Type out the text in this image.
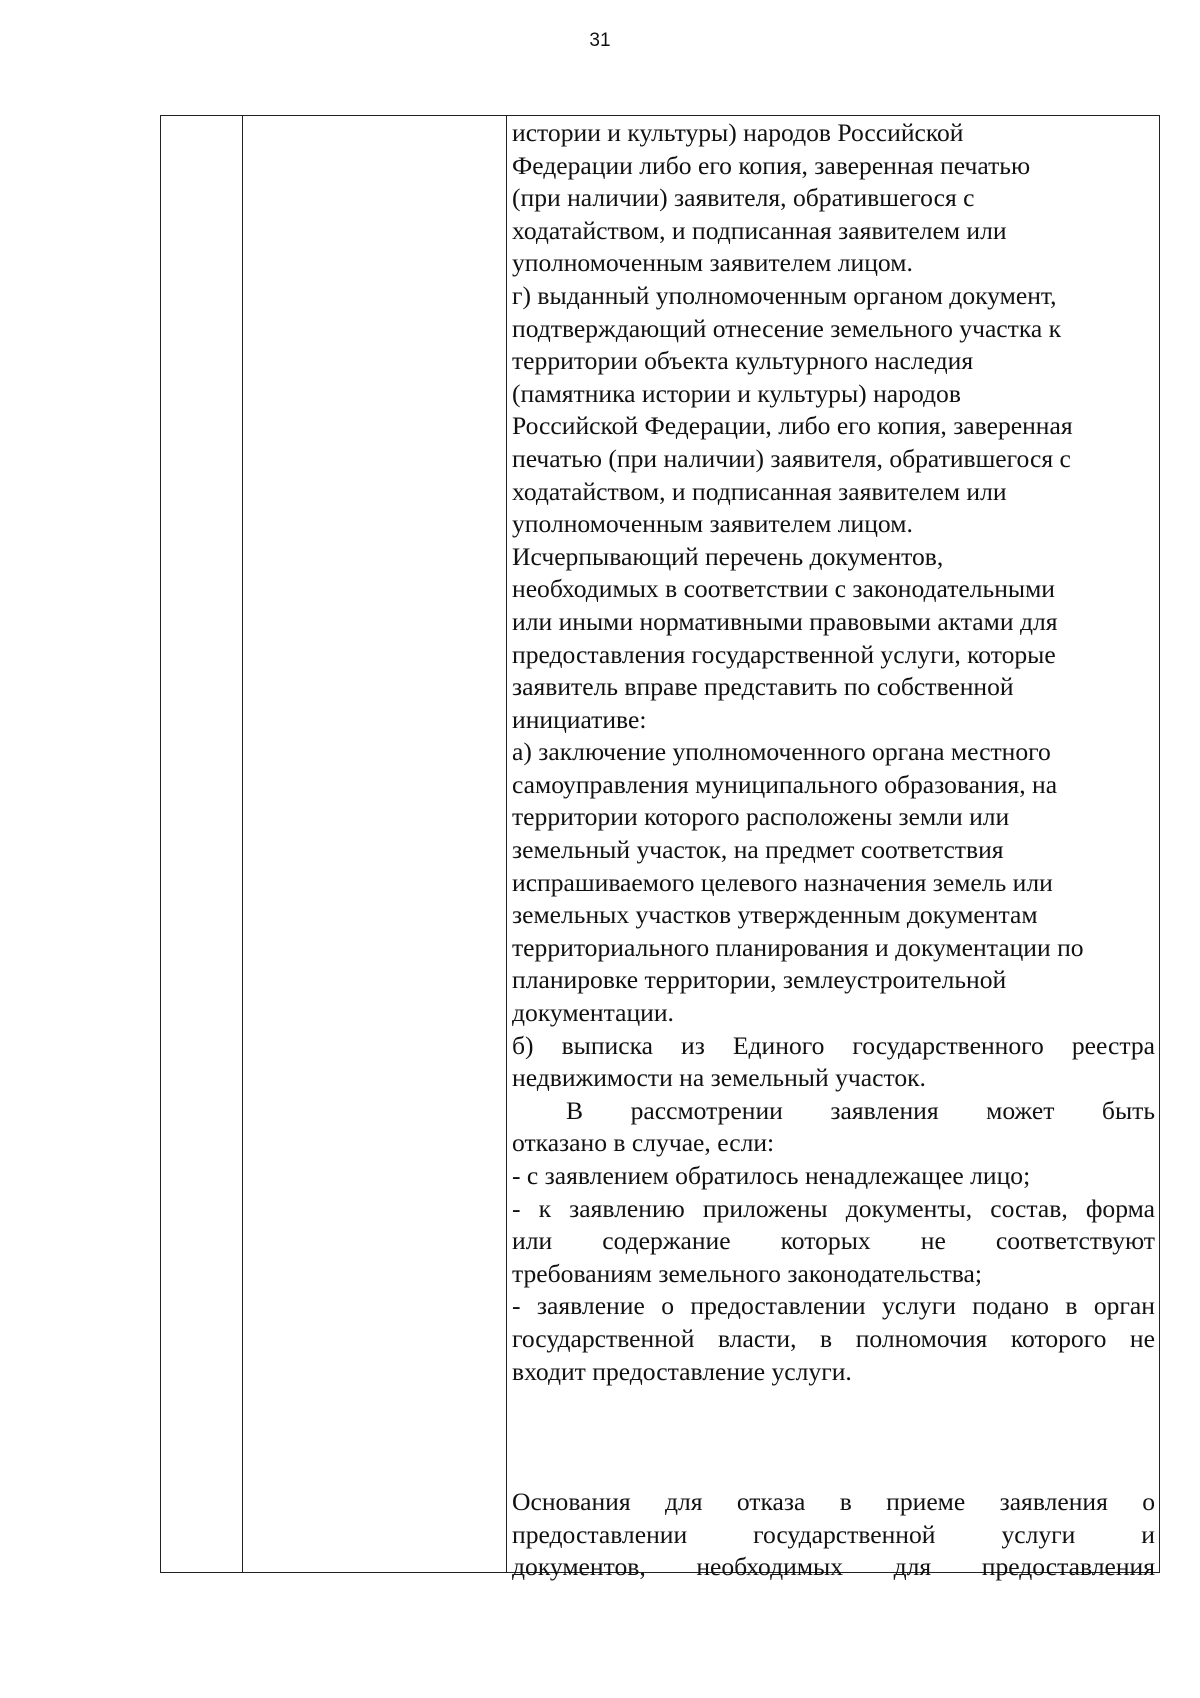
31

истории и культуры) народов Российской
Федерации либо его копия, заверенная печатью
(при наличии) заявителя, обратившегося с
ходатайством, и подписанная заявителем или
уполномоченным заявителем лицом.

г) выданный уполномоченным органом документ,
подтверждающий отнесение земельного участка к
территории объекта культурного наследия
(памятника истории и культуры) народов
Российской Федерации, либо его копия, заверенная
печатью (при наличии) заявителя, обратившегося с
ходатайством, и подписанная заявителем или
уполномоченным заявителем лицом.

Исчерпывающий перечень документов,
необходимых в соответствии с законодательными
или иными нормативными правовыми актами для
предоставления государственной услуги, которые
заявитель вправе представить по собственной
инициативе:

а) заключение уполномоченного органа местного
самоуправления муниципального образования, на
территории которого расположены земли или
земельный участок, на предмет соответствия
испрашиваемого целевого назначения земель или
земельных участков утвержденным документам
территориального планирования и документации по
планировке территории, землеустроительной
документации.

б) выписка из Единого государственного реестра
недвижимости на земельный участок.

В рассмотрении заявления может быть
отказано в случае, если:

- с заявлением обратилось ненадлежащее лицо;

- к заявлению приложены документы, состав, форма
или содержание которых не соответствуют
требованиям земельного законодательства;

- заявление о предоставлении услуги подано в орган
государственной власти, в полномочия которого не
входит предоставление услуги.

Основания для отказа в приеме заявления о
предоставлении государственной услуги и
документов, необходимых для предоставления
